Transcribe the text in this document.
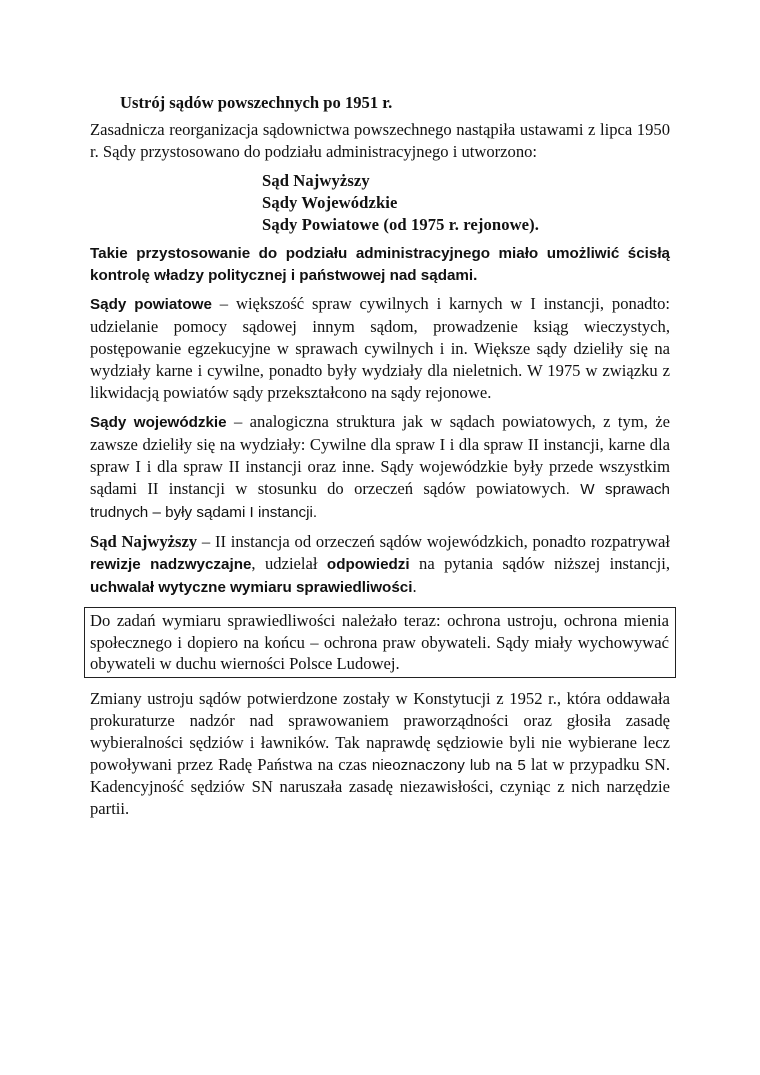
Ustrój sądów powszechnych po 1951 r.

Zasadnicza reorganizacja sądownictwa powszechnego nastąpiła ustawami z lipca 1950 r. Sądy przystosowano do podziału administracyjnego i utworzono:

Sąd Najwyższy
Sądy Wojewódzkie
Sądy Powiatowe (od 1975 r. rejonowe).
Takie przystosowanie do podziału administracyjnego miało umożliwić ścisłą kontrolę władzy politycznej i państwowej nad sądami.

Sądy powiatowe – większość spraw cywilnych i karnych w I instancji, ponadto: udzielanie pomocy sądowej innym sądom, prowadzenie ksiąg wieczystych, postępowanie egzekucyjne w sprawach cywilnych i in. Większe sądy dzieliły się na wydziały karne i cywilne, ponadto były wydziały dla nieletnich. W 1975 w związku z likwidacją powiatów sądy przekształcono na sądy rejonowe.

Sądy wojewódzkie – analogiczna struktura jak w sądach powiatowych, z tym, że zawsze dzieliły się na wydziały: Cywilne dla spraw I i dla spraw II instancji, karne dla spraw I i dla spraw II instancji oraz inne. Sądy wojewódzkie były przede wszystkim sądami II instancji w stosunku do orzeczeń sądów powiatowych. W sprawach trudnych – były sądami I instancji.

Sąd Najwyższy – II instancja od orzeczeń sądów wojewódzkich, ponadto rozpatrywał rewizje nadzwyczajne, udzielał odpowiedzi na pytania sądów niższej instancji, uchwalał wytyczne wymiaru sprawiedliwości.

Do zadań wymiaru sprawiedliwości należało teraz: ochrona ustroju, ochrona mienia społecznego i dopiero na końcu – ochrona praw obywateli. Sądy miały wychowywać obywateli w duchu wierności Polsce Ludowej.

Zmiany ustroju sądów potwierdzone zostały w Konstytucji z 1952 r., która oddawała prokuraturze nadzór nad sprawowaniem praworządności oraz głosiła zasadę wybieralności sędziów i ławników. Tak naprawdę sędziowie byli nie wybierane lecz powoływani przez Radę Państwa na czas nieoznaczony lub na 5 lat w przypadku SN. Kadencyjność sędziów SN naruszała zasadę niezawisłości, czyniąc z nich narzędzie partii.
